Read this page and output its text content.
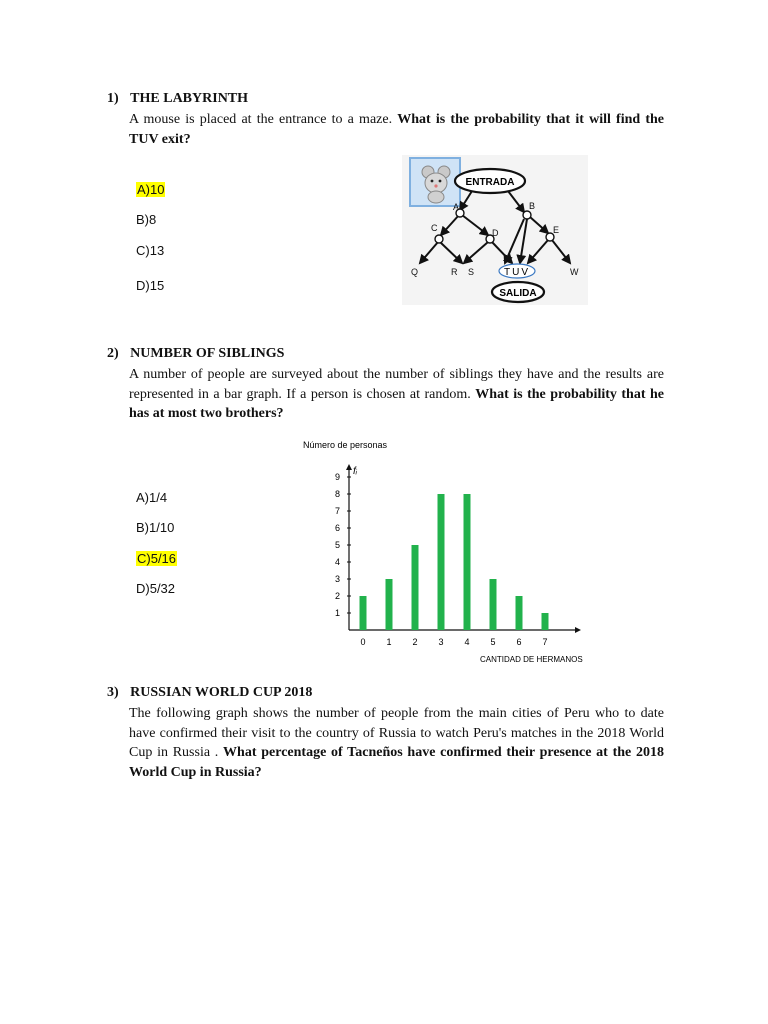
1) THE LABYRINTH
A mouse is placed at the entrance to a maze. What is the probability that it will find the TUV exit?
A)10
B)8
C)13
D)15
ENTRADA
A	B
C	D	E
Q	R S	W
TUV
SALIDA
2) NUMBER OF SIBLINGS
A number of people are surveyed about the number of siblings they have and the results are represented in a bar graph. If a person is chosen at random. What is the probability that he has at most two brothers?
A)1/4
B)1/10
C)5/16
D)5/32
Número de personas
fᵢ
1
2
3
4
5
6
7
8
9
0 1 2 3 4 5 6 7
CANTIDAD DE HERMANOS
3) RUSSIAN WORLD CUP 2018
The following graph shows the number of people from the main cities of Peru who to date have confirmed their visit to the country of Russia to watch Peru's matches in the 2018 World Cup in Russia . What percentage of Tacneños have confirmed their presence at the 2018 World Cup in Russia?
